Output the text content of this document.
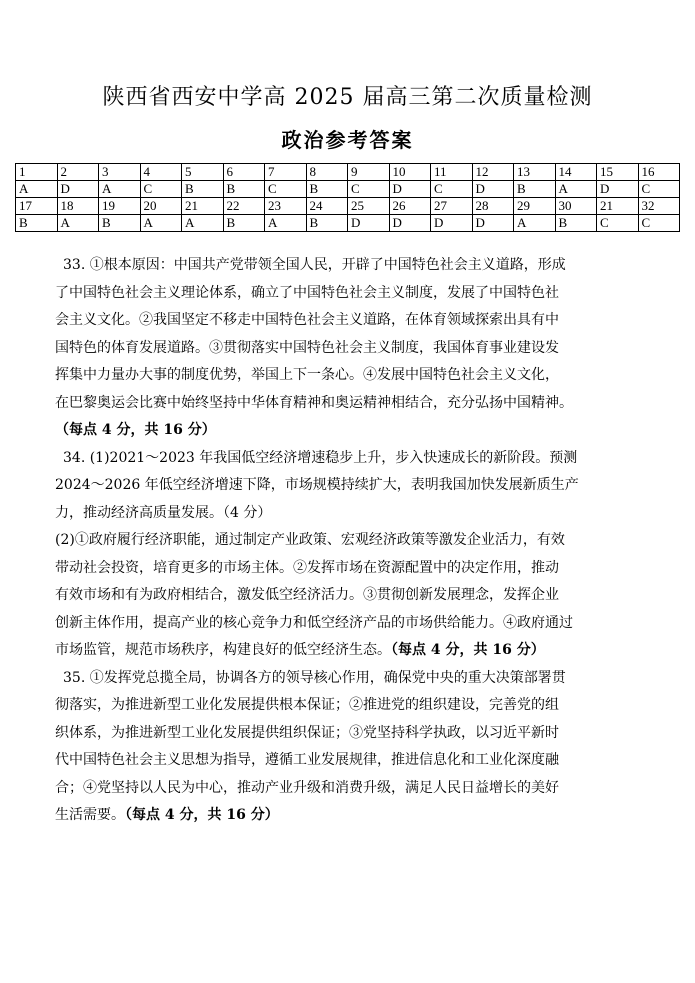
陕西省西安中学高 2025 届高三第二次质量检测
政治参考答案
1	2	3	4	5	6	7	8	9	10	11	12	13	14	15	16
A	D	A	C	B	B	C	B	C	D	C	D	B	A	D	C
17	18	19	20	21	22	23	24	25	26	27	28	29	30	21	32
B	A	B	A	A	B	A	B	D	D	D	D	A	B	C	C

33. ①根本原因：中国共产党带领全国人民，开辟了中国特色社会主义道路，形成

了中国特色社会主义理论体系，确立了中国特色社会主义制度，发展了中国特色社

会主义文化。②我国坚定不移走中国特色社会主义道路，在体育领域探索出具有中

国特色的体育发展道路。③贯彻落实中国特色社会主义制度，我国体育事业建设发

挥集中力量办大事的制度优势，举国上下一条心。④发展中国特色社会主义文化，

在巴黎奥运会比赛中始终坚持中华体育精神和奥运精神相结合，充分弘扬中国精神。

（每点 4 分，共 16 分）

34. (1)2021～2023 年我国低空经济增速稳步上升，步入快速成长的新阶段。预测

2024～2026 年低空经济增速下降，市场规模持续扩大，表明我国加快发展新质生产

力，推动经济高质量发展。（4 分）

(2)①政府履行经济职能，通过制定产业政策、宏观经济政策等激发企业活力，有效

带动社会投资，培育更多的市场主体。②发挥市场在资源配置中的决定作用，推动

有效市场和有为政府相结合，激发低空经济活力。③贯彻创新发展理念，发挥企业

创新主体作用，提高产业的核心竞争力和低空经济产品的市场供给能力。④政府通过

市场监管，规范市场秩序，构建良好的低空经济生态。（每点 4 分，共 16 分）

35. ①发挥党总揽全局，协调各方的领导核心作用，确保党中央的重大决策部署贯

彻落实，为推进新型工业化发展提供根本保证；②推进党的组织建设，完善党的组

织体系，为推进新型工业化发展提供组织保证；③党坚持科学执政，以习近平新时

代中国特色社会主义思想为指导，遵循工业发展规律，推进信息化和工业化深度融

合；④党坚持以人民为中心，推动产业升级和消费升级，满足人民日益增长的美好

生活需要。（每点 4 分，共 16 分）
